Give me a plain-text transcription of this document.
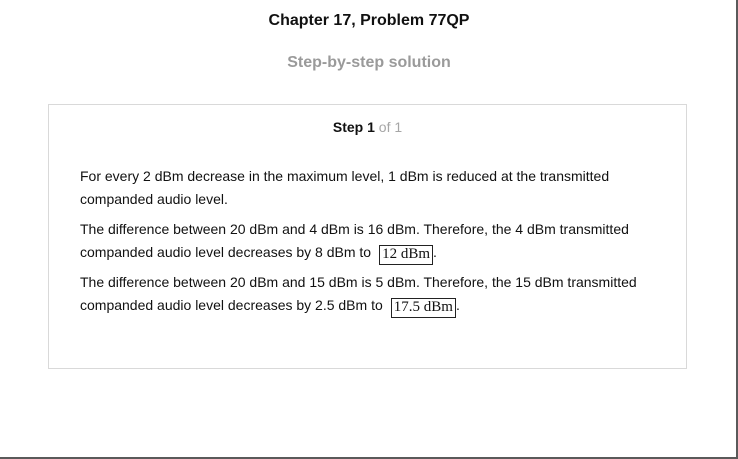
Chapter 17, Problem 77QP
Step-by-step solution
Step 1 of 1

For every 2 dBm decrease in the maximum level, 1 dBm is reduced at the transmitted companded audio level.

The difference between 20 dBm and 4 dBm is 16 dBm. Therefore, the 4 dBm transmitted companded audio level decreases by 8 dBm to 12 dBm .

The difference between 20 dBm and 15 dBm is 5 dBm. Therefore, the 15 dBm transmitted companded audio level decreases by 2.5 dBm to 17.5 dBm .
